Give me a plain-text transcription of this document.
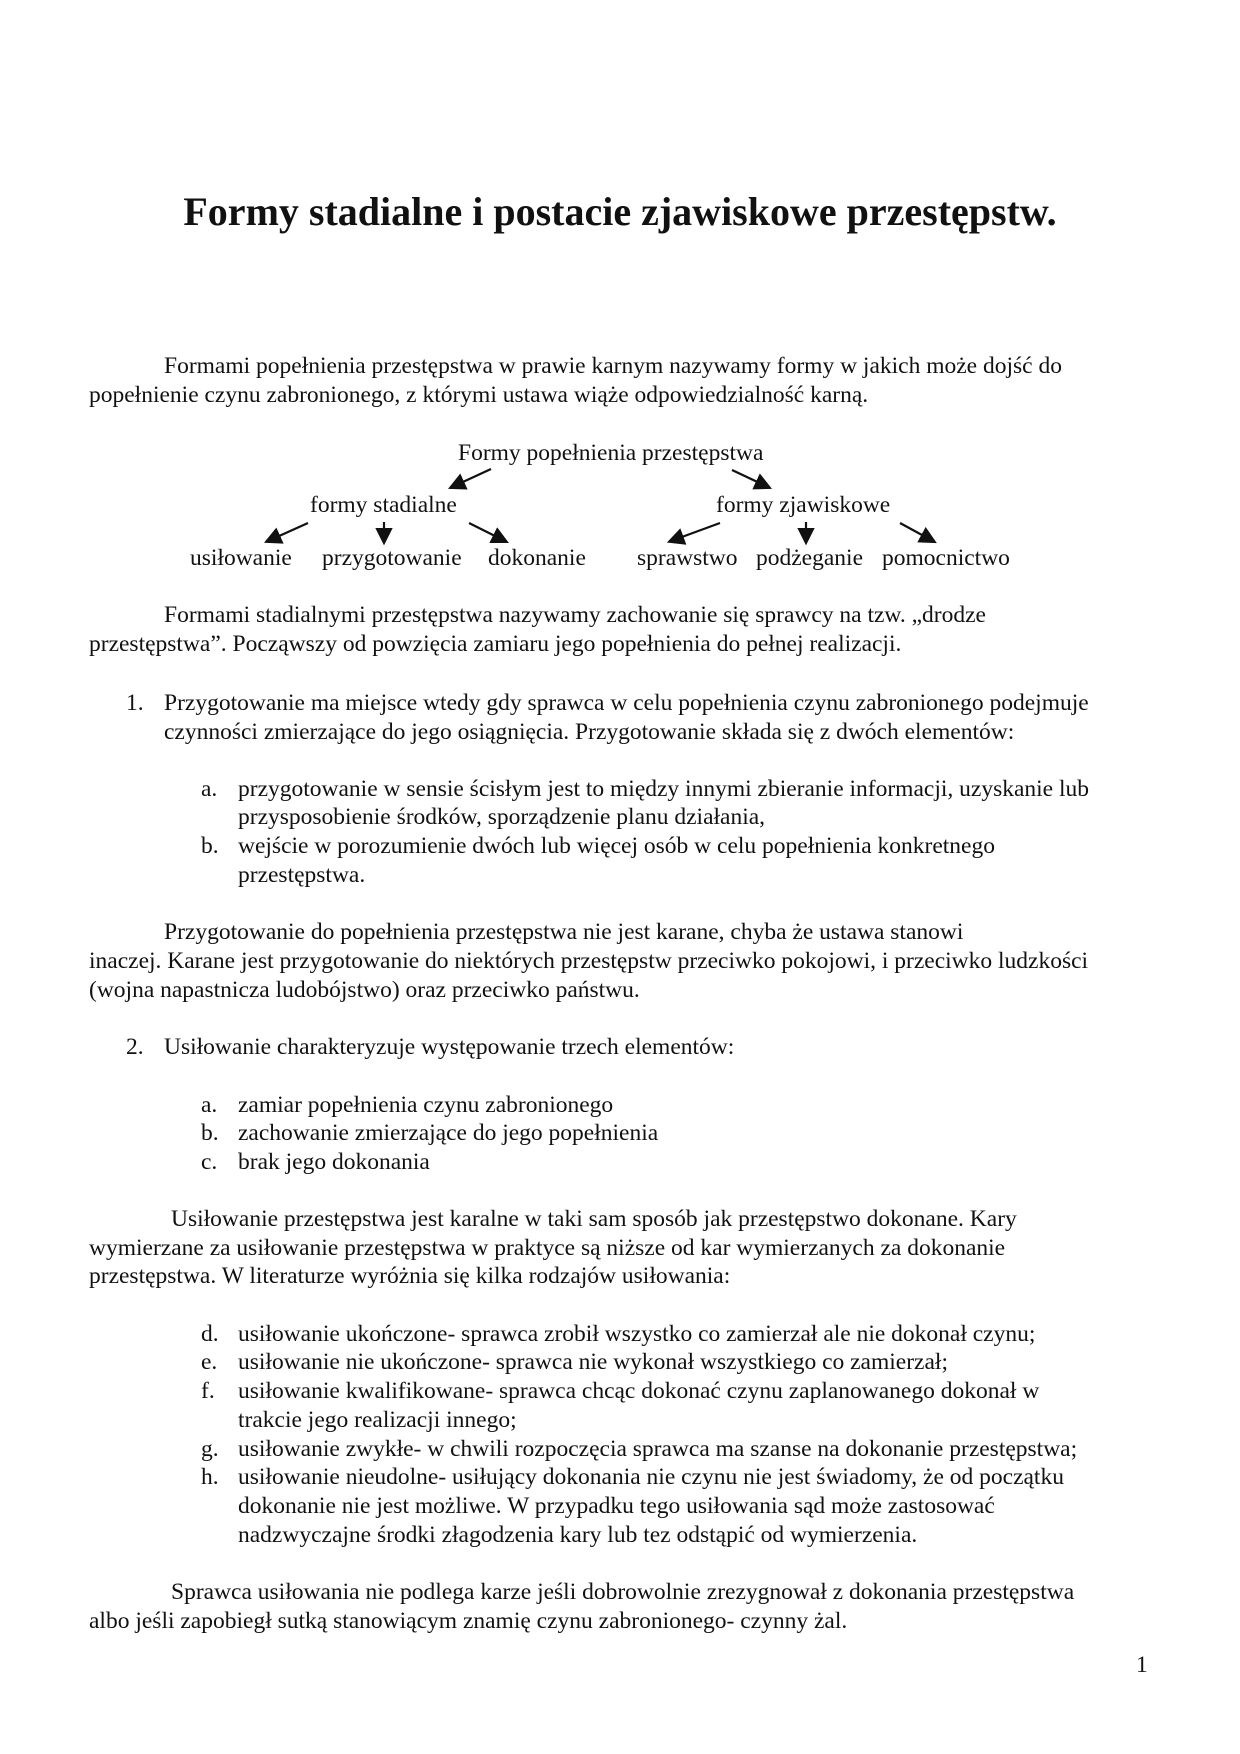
Formy stadialne i postacie zjawiskowe przestępstw.
Formami popełnienia przestępstwa w prawie karnym nazywamy formy w jakich może dojść do
popełnienie czynu zabronionego, z którymi ustawa wiąże odpowiedzialność karną.
Formy popełnienia przestępstwa
formy stadialne	formy zjawiskowe
usiłowanie przygotowanie dokonanie sprawstwo podżeganie pomocnictwo
Formami stadialnymi przestępstwa nazywamy zachowanie się sprawcy na tzw. „drodze
przestępstwa”. Począwszy od powzięcia zamiaru jego popełnienia do pełnej realizacji.
1. Przygotowanie ma miejsce wtedy gdy sprawca w celu popełnienia czynu zabronionego podejmuje
czynności zmierzające do jego osiągnięcia. Przygotowanie składa się z dwóch elementów:
a. przygotowanie w sensie ścisłym jest to między innymi zbieranie informacji, uzyskanie lub
przysposobienie środków, sporządzenie planu działania,
b. wejście w porozumienie dwóch lub więcej osób w celu popełnienia konkretnego
przestępstwa.
Przygotowanie do popełnienia przestępstwa nie jest karane, chyba że ustawa stanowi
inaczej. Karane jest przygotowanie do niektórych przestępstw przeciwko pokojowi, i przeciwko ludzkości
(wojna napastnicza ludobójstwo) oraz przeciwko państwu.
2. Usiłowanie charakteryzuje występowanie trzech elementów:
a. zamiar popełnienia czynu zabronionego
b. zachowanie zmierzające do jego popełnienia
c. brak jego dokonania
Usiłowanie przestępstwa jest karalne w taki sam sposób jak przestępstwo dokonane. Kary
wymierzane za usiłowanie przestępstwa w praktyce są niższe od kar wymierzanych za dokonanie
przestępstwa. W literaturze wyróżnia się kilka rodzajów usiłowania:
d. usiłowanie ukończone- sprawca zrobił wszystko co zamierzał ale nie dokonał czynu;
e. usiłowanie nie ukończone- sprawca nie wykonał wszystkiego co zamierzał;
f. usiłowanie kwalifikowane- sprawca chcąc dokonać czynu zaplanowanego dokonał w
trakcie jego realizacji innego;
g. usiłowanie zwykłe- w chwili rozpoczęcia sprawca ma szanse na dokonanie przestępstwa;
h. usiłowanie nieudolne- usiłujący dokonania nie czynu nie jest świadomy, że od początku
dokonanie nie jest możliwe. W przypadku tego usiłowania sąd może zastosować
nadzwyczajne środki złagodzenia kary lub tez odstąpić od wymierzenia.
Sprawca usiłowania nie podlega karze jeśli dobrowolnie zrezygnował z dokonania przestępstwa
albo jeśli zapobiegł sutką stanowiącym znamię czynu zabronionego- czynny żal.
1
